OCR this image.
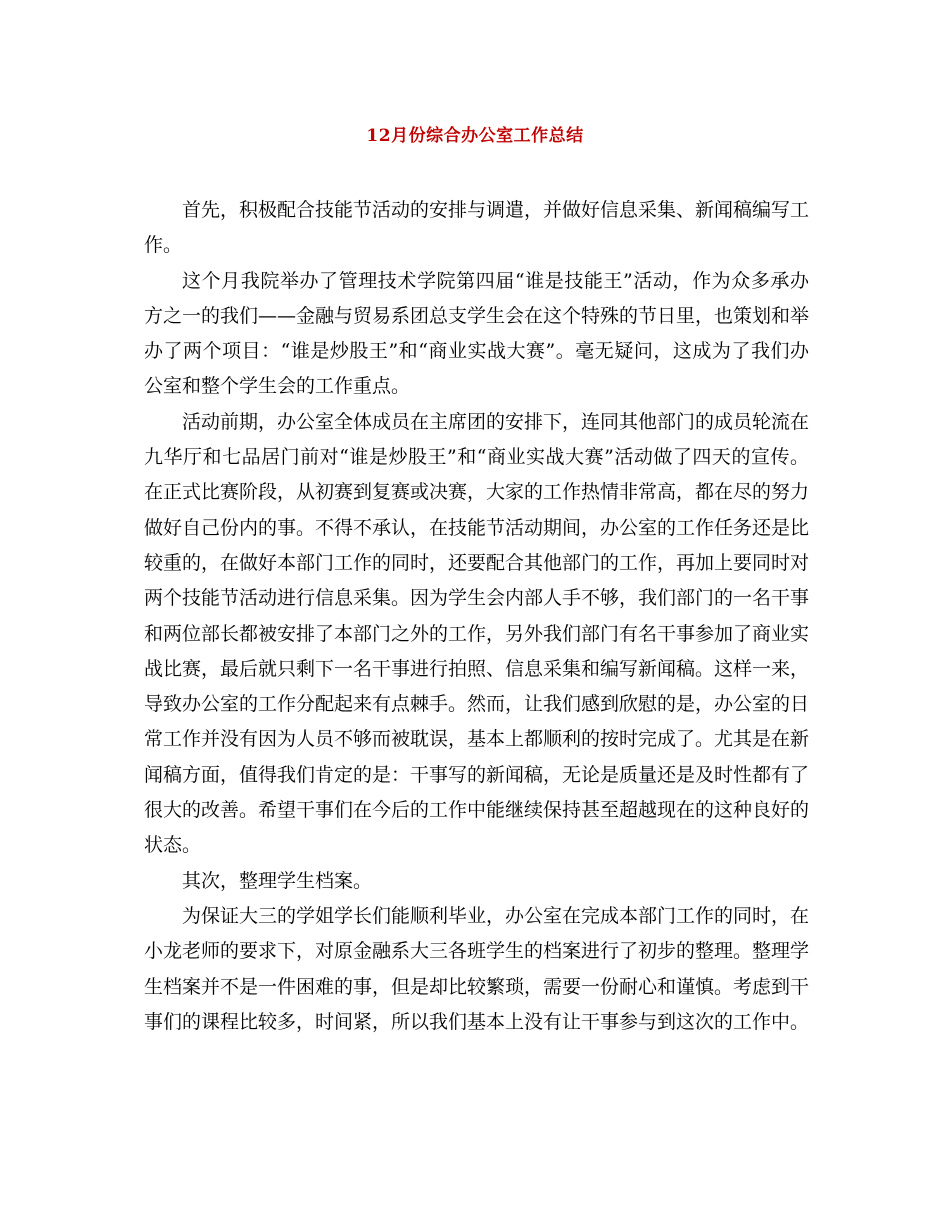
12月份综合办公室工作总结

首先，积极配合技能节活动的安排与调遣，并做好信息采集、新闻稿编写工作。

这个月我院举办了管理技术学院第四届“谁是技能王”活动，作为众多承办方之一的我们——金融与贸易系团总支学生会在这个特殊的节日里，也策划和举办了两个项目：“谁是炒股王”和“商业实战大赛”。毫无疑问，这成为了我们办公室和整个学生会的工作重点。

活动前期，办公室全体成员在主席团的安排下，连同其他部门的成员轮流在九华厅和七品居门前对“谁是炒股王”和“商业实战大赛”活动做了四天的宣传。在正式比赛阶段，从初赛到复赛或决赛，大家的工作热情非常高，都在尽的努力做好自己份内的事。不得不承认，在技能节活动期间，办公室的工作任务还是比较重的，在做好本部门工作的同时，还要配合其他部门的工作，再加上要同时对两个技能节活动进行信息采集。因为学生会内部人手不够，我们部门的一名干事和两位部长都被安排了本部门之外的工作，另外我们部门有名干事参加了商业实战比赛，最后就只剩下一名干事进行拍照、信息采集和编写新闻稿。这样一来，导致办公室的工作分配起来有点棘手。然而，让我们感到欣慰的是，办公室的日常工作并没有因为人员不够而被耽误，基本上都顺利的按时完成了。尤其是在新闻稿方面，值得我们肯定的是：干事写的新闻稿，无论是质量还是及时性都有了很大的改善。希望干事们在今后的工作中能继续保持甚至超越现在的这种良好的状态。

其次，整理学生档案。

为保证大三的学姐学长们能顺利毕业，办公室在完成本部门工作的同时，在小龙老师的要求下，对原金融系大三各班学生的档案进行了初步的整理。整理学生档案并不是一件困难的事，但是却比较繁琐，需要一份耐心和谨慎。考虑到干事们的课程比较多，时间紧，所以我们基本上没有让干事参与到这次的工作中。
